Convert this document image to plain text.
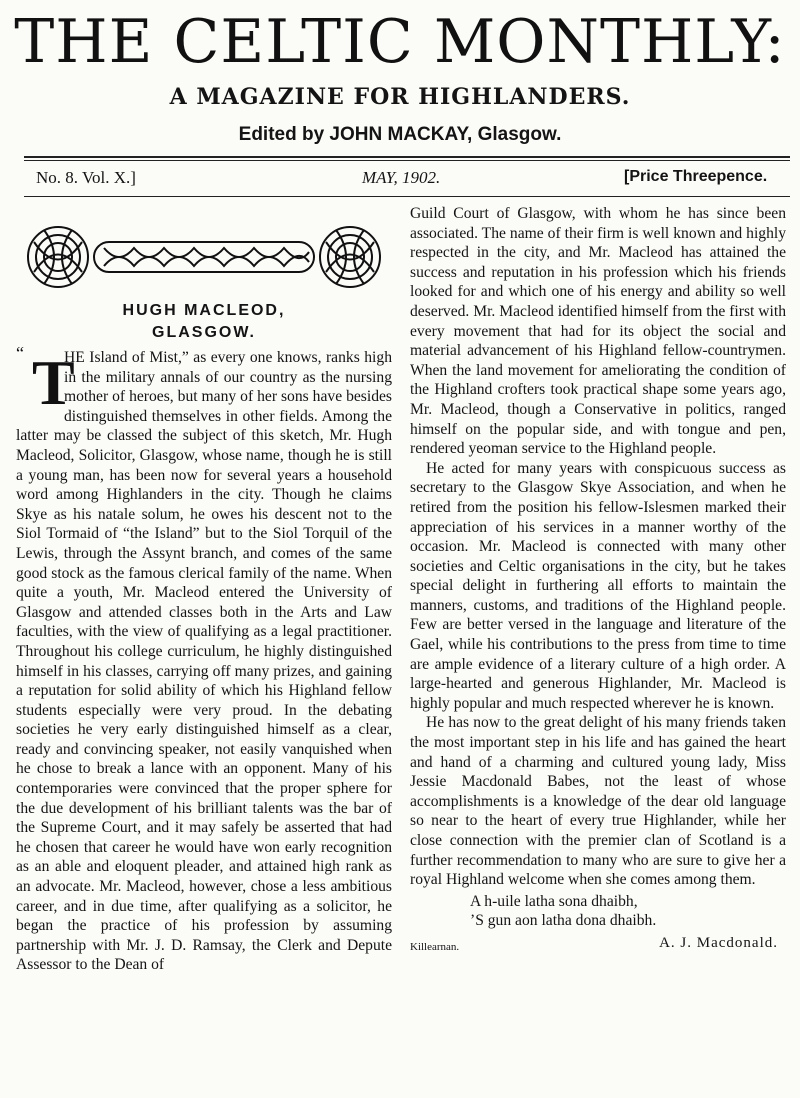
THE CELTIC MONTHLY:
A MAGAZINE FOR HIGHLANDERS.
Edited by JOHN MACKAY, Glasgow.
No. 8. Vol. X.]	MAY, 1902.	[Price Threepence.
HUGH MACLEOD,
GLASGOW.
“ T

HE Island of Mist,” as every one knows, ranks high in the military annals of our country as the nursing mother of heroes, but many of her sons have besides distinguished themselves in other fields. Among the latter may be classed the subject of this sketch, Mr. Hugh Macleod, Solicitor, Glasgow, whose name, though he is still a young man, has been now for several years a household word among Highlanders in the city. Though he claims Skye as his natale solum, he owes his descent not to the Siol Tormaid of “the Island” but to the Siol Torquil of the Lewis, through the Assynt branch, and comes of the same good stock as the famous clerical family of the name. When quite a youth, Mr. Macleod entered the University of Glasgow and attended classes both in the Arts and Law faculties, with the view of qualifying as a legal practitioner. Throughout his college curriculum, he highly distinguished himself in his classes, carrying off many prizes, and gaining a reputation for solid ability of which his Highland fellow students especially were very proud. In the debating societies he very early distinguished himself as a clear, ready and convincing speaker, not easily vanquished when he chose to break a lance with an opponent. Many of his contemporaries were convinced that the proper sphere for the due development of his brilliant talents was the bar of the Supreme Court, and it may safely be asserted that had he chosen that career he would have won early recognition as an able and eloquent pleader, and attained high rank as an advocate. Mr. Macleod, however, chose a less ambitious career, and in due time, after qualifying as a solicitor, he began the practice of his profession by assuming partnership with Mr. J. D. Ramsay, the Clerk and Depute Assessor to the Dean of

Guild Court of Glasgow, with whom he has since been associated. The name of their firm is well known and highly respected in the city, and Mr. Macleod has attained the success and reputation in his profession which his friends looked for and which one of his energy and ability so well deserved. Mr. Macleod identified himself from the first with every movement that had for its object the social and material advancement of his Highland fellow-countrymen. When the land movement for ameliorating the condition of the Highland crofters took practical shape some years ago, Mr. Macleod, though a Conservative in politics, ranged himself on the popular side, and with tongue and pen, rendered yeoman service to the Highland people.

He acted for many years with conspicuous success as secretary to the Glasgow Skye Association, and when he retired from the position his fellow-Islesmen marked their appreciation of his services in a manner worthy of the occasion. Mr. Macleod is connected with many other societies and Celtic organisations in the city, but he takes special delight in furthering all efforts to maintain the manners, customs, and traditions of the Highland people. Few are better versed in the language and literature of the Gael, while his contributions to the press from time to time are ample evidence of a literary culture of a high order. A large-hearted and generous Highlander, Mr. Macleod is highly popular and much respected wherever he is known.

He has now to the great delight of his many friends taken the most important step in his life and has gained the heart and hand of a charming and cultured young lady, Miss Jessie Macdonald Babes, not the least of whose accomplishments is a knowledge of the dear old language so near to the heart of every true Highlander, while her close connection with the premier clan of Scotland is a further recommendation to many who are sure to give her a royal Highland welcome when she comes among them.

A h-uile latha sona dhaibh,
’S gun aon latha dona dhaibh.
Killearnan.	A. J. Macdonald.
